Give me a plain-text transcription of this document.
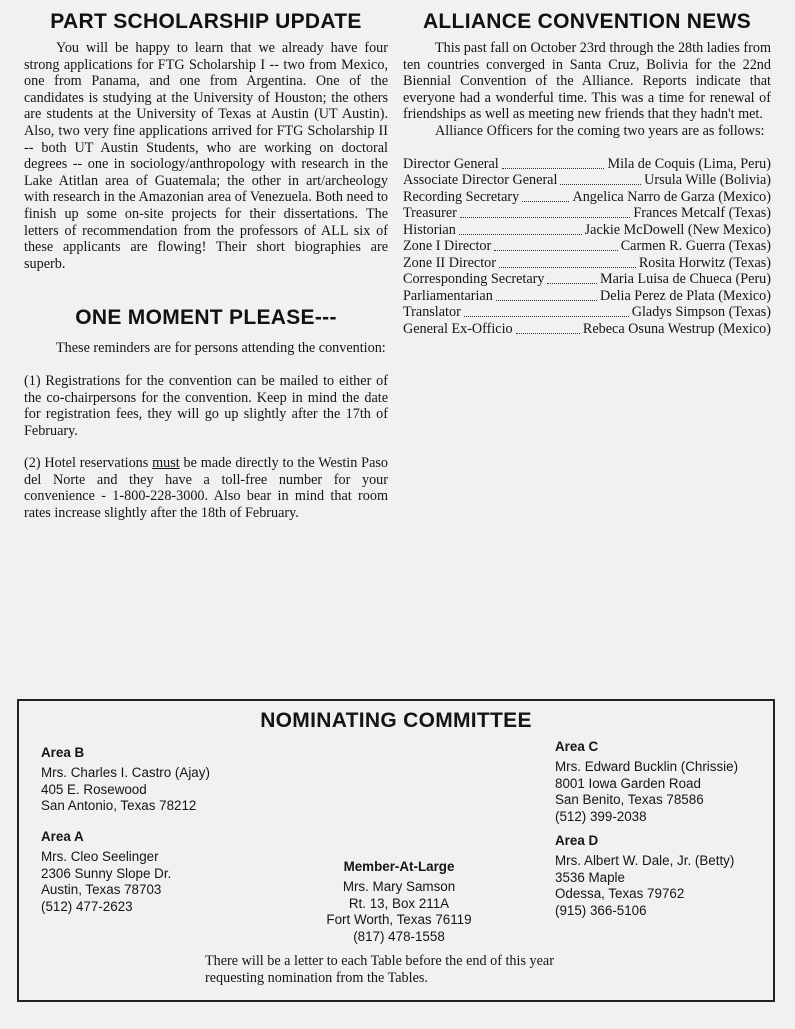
PART SCHOLARSHIP UPDATE

You will be happy to learn that we already have four strong applications for FTG Scholarship I -- two from Mexico, one from Panama, and one from Argentina. One of the candidates is studying at the University of Houston; the others are students at the University of Texas at Austin (UT Austin). Also, two very fine applications arrived for FTG Scholarship II -- both UT Austin Students, who are working on doctoral degrees -- one in sociology/anthropology with research in the Lake Atitlan area of Guatemala; the other in art/archeology with research in the Amazonian area of Venezuela. Both need to finish up some on-site projects for their dissertations. The letters of recommendation from the professors of ALL six of these applicants are flowing! Their short biographies are superb.

ONE MOMENT PLEASE---

These reminders are for persons attending the convention:

(1) Registrations for the convention can be mailed to either of the co-chairpersons for the convention. Keep in mind the date for registration fees, they will go up slightly after the 17th of February.

(2) Hotel reservations must be made directly to the Westin Paso del Norte and they have a toll-free number for your convenience - 1-800-228-3000. Also bear in mind that room rates increase slightly after the 18th of February.

ALLIANCE CONVENTION NEWS

This past fall on October 23rd through the 28th ladies from ten countries converged in Santa Cruz, Bolivia for the 22nd Biennial Convention of the Alliance. Reports indicate that everyone had a wonderful time. This was a time for renewal of friendships as well as meeting new friends that they hadn't met.

Alliance Officers for the coming two years are as follows:

Director General	Mila de Coquis (Lima, Peru)
Associate Director General	Ursula Wille (Bolivia)
Recording Secretary	Angelica Narro de Garza (Mexico)
Treasurer	Frances Metcalf (Texas)
Historian	Jackie McDowell (New Mexico)
Zone I Director	Carmen R. Guerra (Texas)
Zone II Director	Rosita Horwitz (Texas)
Corresponding Secretary	Maria Luisa de Chueca (Peru)
Parliamentarian	Delia Perez de Plata (Mexico)
Translator	Gladys Simpson (Texas)
General Ex-Officio	Rebeca Osuna Westrup (Mexico)
NOMINATING COMMITTEE
Area B
Mrs. Charles I. Castro (Ajay)
405 E. Rosewood
San Antonio, Texas 78212
Area A
Mrs. Cleo Seelinger
2306 Sunny Slope Dr.
Austin, Texas 78703
(512) 477-2623
Area C
Mrs. Edward Bucklin (Chrissie)
8001 Iowa Garden Road
San Benito, Texas 78586
(512) 399-2038
Area D
Mrs. Albert W. Dale, Jr. (Betty)
3536 Maple
Odessa, Texas 79762
(915) 366-5106
Member-At-Large
Mrs. Mary Samson
Rt. 13, Box 211A
Fort Worth, Texas 76119
(817) 478-1558

There will be a letter to each Table before the end of this year requesting nomination from the Tables.
